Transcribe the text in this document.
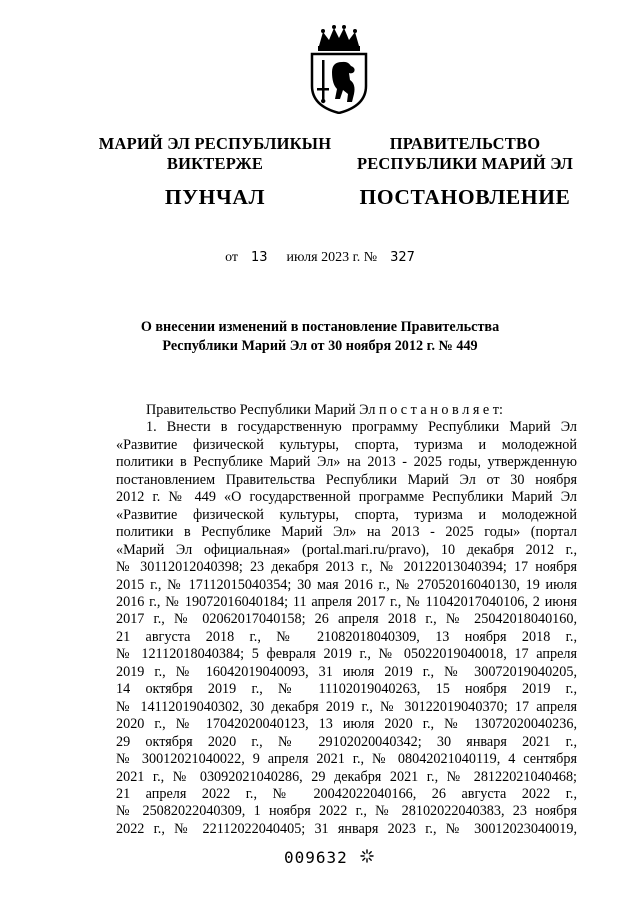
МАРИЙ ЭЛ РЕСПУБЛИКЫН
ВИКТЕРЖЕ
ПУНЧАЛ
ПРАВИТЕЛЬСТВО
РЕСПУБЛИКИ МАРИЙ ЭЛ
ПОСТАНОВЛЕНИЕ
от 13 июля 2023 г. № 327
О внесении изменений в постановление Правительства
Республики Марий Эл от 30 ноября 2012 г. № 449
Правительство Республики Марий Эл п о с т а н о в л я е т:
1. Внести в государственную программу Республики Марий Эл
«Развитие физической культуры, спорта, туризма и молодежной
политики в Республике Марий Эл» на 2013 - 2025 годы, утвержденную
постановлением Правительства Республики Марий Эл от 30 ноября
2012 г. № 449 «О государственной программе Республики Марий Эл
«Развитие физической культуры, спорта, туризма и молодежной
политики в Республике Марий Эл» на 2013 - 2025 годы» (портал
«Марий Эл официальная» (portal.mari.ru/pravo), 10 декабря 2012 г.,
№ 30112012040398; 23 декабря 2013 г., № 20122013040394; 17 ноября
2015 г., № 17112015040354; 30 мая 2016 г., № 27052016040130, 19 июля
2016 г., № 19072016040184; 11 апреля 2017 г., № 11042017040106, 2 июня
2017 г., № 02062017040158; 26 апреля 2018 г., № 25042018040160,
21 августа 2018 г., № 21082018040309, 13 ноября 2018 г.,
№ 12112018040384; 5 февраля 2019 г., № 05022019040018, 17 апреля
2019 г., № 16042019040093, 31 июля 2019 г., № 30072019040205,
14 октября 2019 г., № 11102019040263, 15 ноября 2019 г.,
№ 14112019040302, 30 декабря 2019 г., № 30122019040370; 17 апреля
2020 г., № 17042020040123, 13 июля 2020 г., № 13072020040236,
29 октября 2020 г., № 29102020040342; 30 января 2021 г.,
№ 30012021040022, 9 апреля 2021 г., № 08042021040119, 4 сентября
2021 г., № 03092021040286, 29 декабря 2021 г., № 28122021040468;
21 апреля 2022 г., № 20042022040166, 26 августа 2022 г.,
№ 25082022040309, 1 ноября 2022 г., № 28102022040383, 23 ноября
2022 г., № 22112022040405; 31 января 2023 г., № 30012023040019,
009632
